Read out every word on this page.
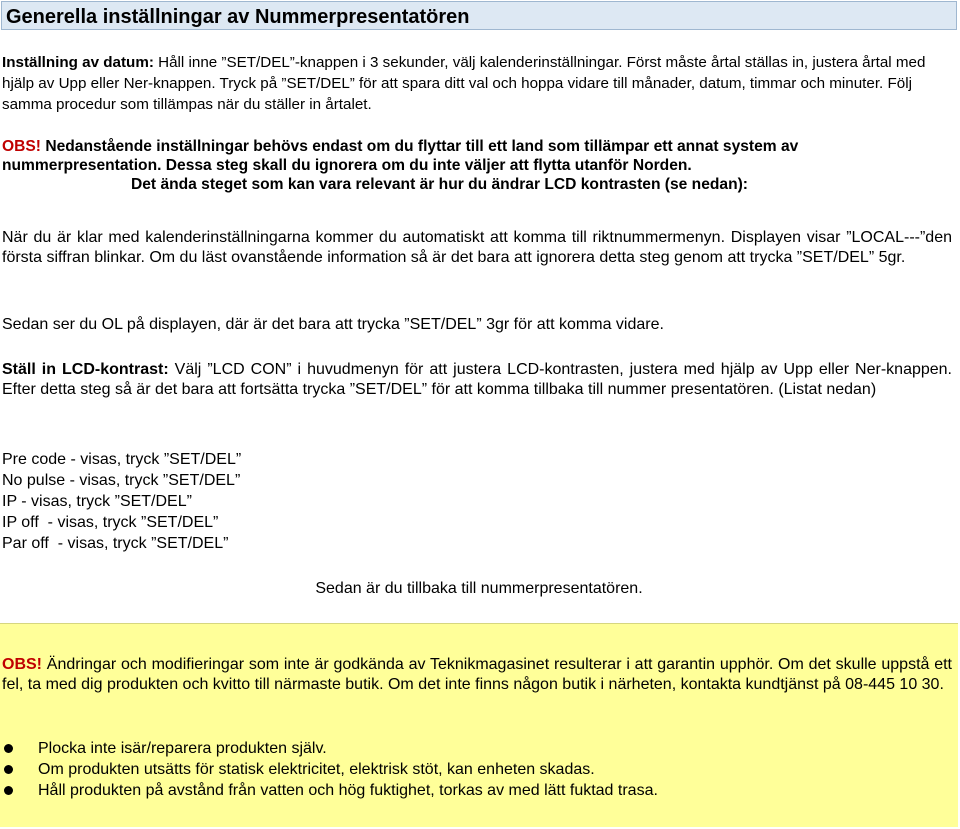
Generella inställningar av Nummerpresentatören
Inställning av datum: Håll inne ”SET/DEL”-knappen i 3 sekunder, välj kalenderinställningar. Först måste årtal ställas in, justera årtal med hjälp av Upp eller Ner-knappen. Tryck på ”SET/DEL” för att spara ditt val och hoppa vidare till månader, datum, timmar och minuter. Följ samma procedur som tillämpas när du ställer in årtalet.
OBS! Nedanstående inställningar behövs endast om du flyttar till ett land som tillämpar ett annat system av nummerpresentation. Dessa steg skall du ignorera om du inte väljer att flytta utanför Norden.
Det ända steget som kan vara relevant är hur du ändrar LCD kontrasten (se nedan):
När du är klar med kalenderinställningarna kommer du automatiskt att komma till riktnummermenyn. Displayen visar ”LOCAL---”den första siffran blinkar. Om du läst ovanstående information så är det bara att ignorera detta steg genom att trycka ”SET/DEL” 5gr.
Sedan ser du OL på displayen, där är det bara att trycka ”SET/DEL” 3gr för att komma vidare.
Ställ in LCD-kontrast: Välj ”LCD CON” i huvudmenyn för att justera LCD-kontrasten, justera med hjälp av Upp eller Ner-knappen. Efter detta steg så är det bara att fortsätta trycka ”SET/DEL” för att komma tillbaka till nummer presentatören. (Listat nedan)
Pre code - visas, tryck ”SET/DEL”
No pulse - visas, tryck ”SET/DEL”
IP - visas, tryck ”SET/DEL”
IP off  - visas, tryck ”SET/DEL”
Par off  - visas, tryck ”SET/DEL”
Sedan är du tillbaka till nummerpresentatören.
OBS! Ändringar och modifieringar som inte är godkända av Teknikmagasinet resulterar i att garantin upphör. Om det skulle uppstå ett fel, ta med dig produkten och kvitto till närmaste butik. Om det inte finns någon butik i närheten, kontakta kundtjänst på 08-445 10 30.
Plocka inte isär/reparera produkten själv.
Om produkten utsätts för statisk elektricitet, elektrisk stöt, kan enheten skadas.
Håll produkten på avstånd från vatten och hög fuktighet, torkas av med lätt fuktad trasa.
